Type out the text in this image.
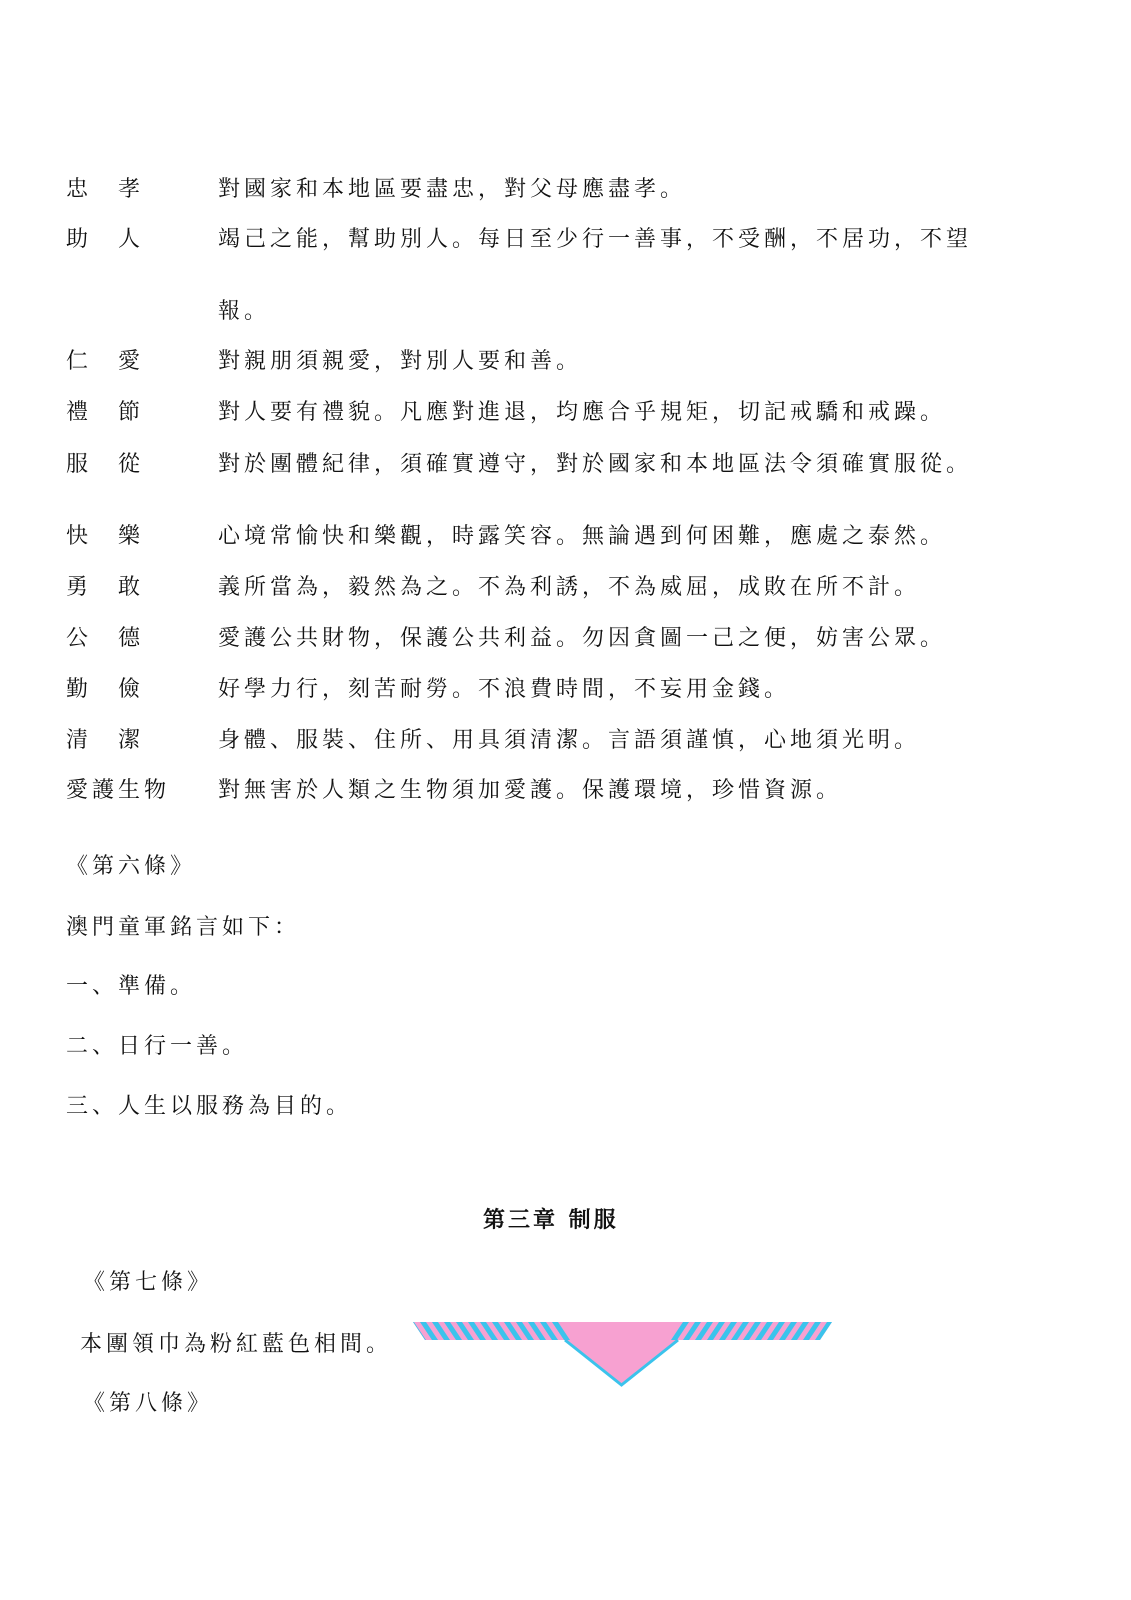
忠　孝	對國家和本地區要盡忠，對父母應盡孝。
助　人	竭己之能，幫助別人。每日至少行一善事，不受酬，不居功，不望
報。
仁　愛	對親朋須親愛，對別人要和善。
禮　節	對人要有禮貌。凡應對進退，均應合乎規矩，切記戒驕和戒躁。
服　從	對於團體紀律，須確實遵守，對於國家和本地區法令須確實服從。
快　樂	心境常愉快和樂觀，時露笑容。無論遇到何困難，應處之泰然。
勇　敢	義所當為，毅然為之。不為利誘，不為威屈，成敗在所不計。
公　德	愛護公共財物，保護公共利益。勿因貪圖一己之便，妨害公眾。
勤　儉	好學力行，刻苦耐勞。不浪費時間，不妄用金錢。
清　潔	身體、服裝、住所、用具須清潔。言語須謹慎，心地須光明。
愛護生物 對無害於人類之生物須加愛護。保護環境，珍惜資源。
《第六條》
澳門童軍銘言如下：
一、準備。
二、日行一善。
三、人生以服務為目的。
第三章 制服
《第七條》
本團領巾為粉紅藍色相間。
《第八條》
